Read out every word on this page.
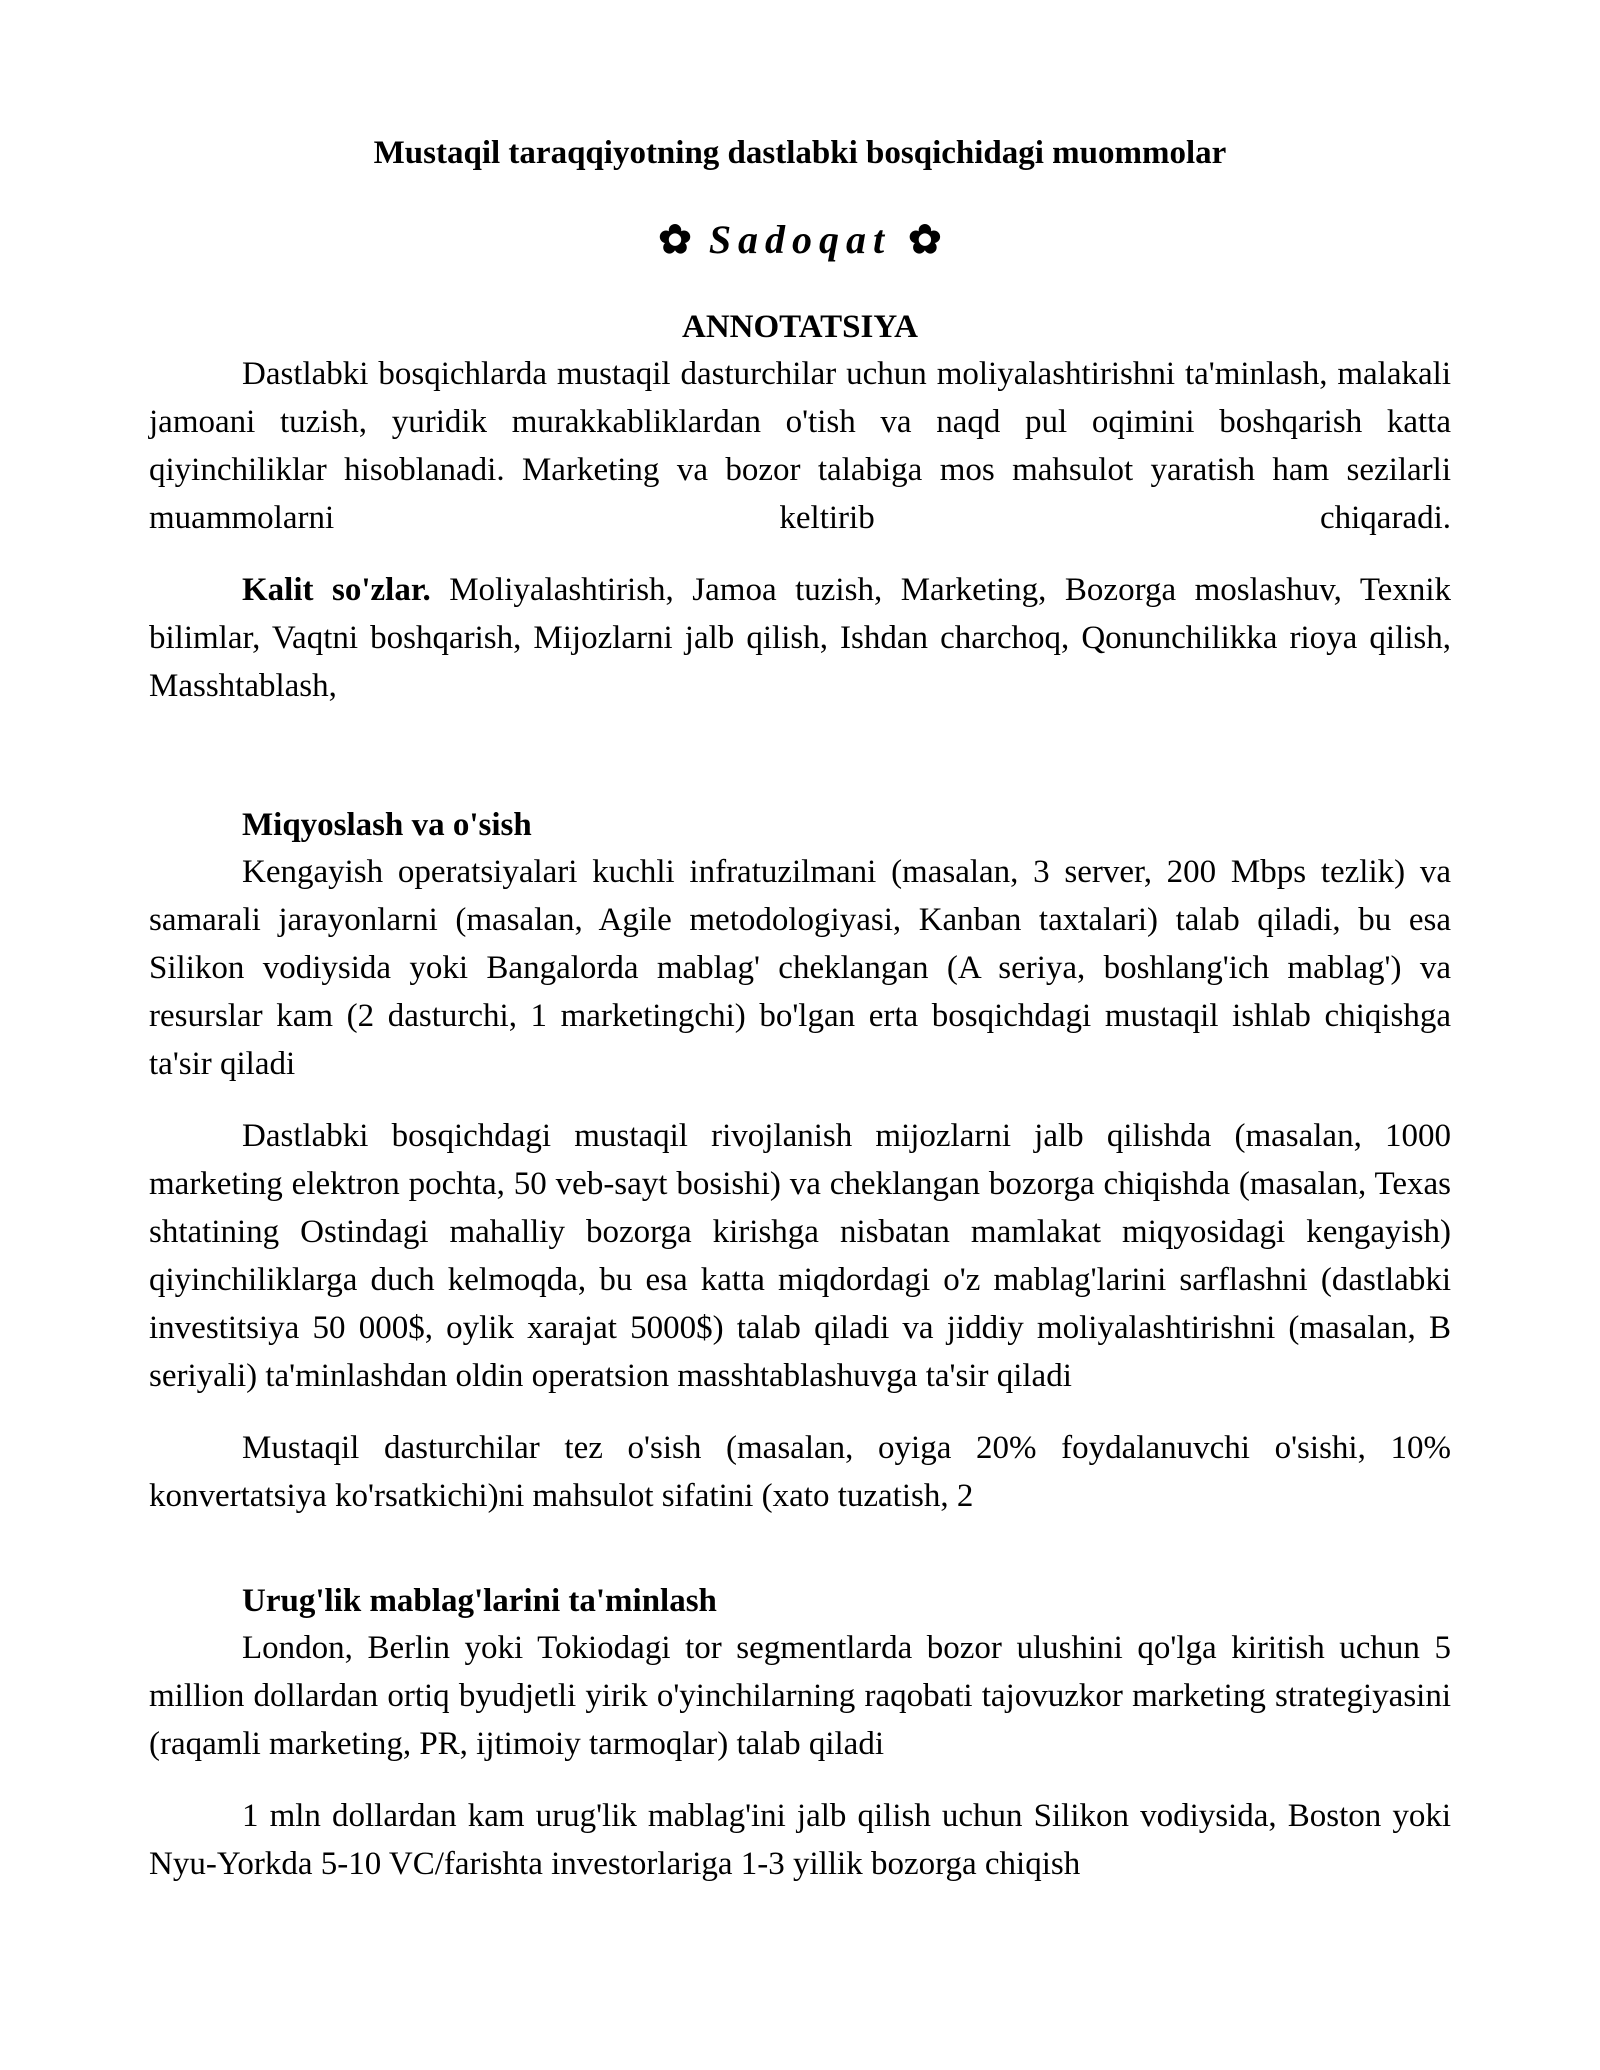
Mustaqil taraqqiyotning dastlabki bosqichidagi muommolar
✿ Sadoqat ✿
ANNOTATSIYA

Dastlabki bosqichlarda mustaqil dasturchilar uchun moliyalashtirishni ta'minlash, malakali jamoani tuzish, yuridik murakkabliklardan o'tish va naqd pul oqimini boshqarish katta qiyinchiliklar hisoblanadi. Marketing va bozor talabiga mos mahsulot yaratish ham sezilarli muammolarni keltirib chiqaradi.

Kalit so'zlar. Moliyalashtirish, Jamoa tuzish, Marketing, Bozorga moslashuv, Texnik bilimlar, Vaqtni boshqarish, Mijozlarni jalb qilish, Ishdan charchoq, Qonunchilikka rioya qilish, Masshtablash,

Miqyoslash va o'sish

Kengayish operatsiyalari kuchli infratuzilmani (masalan, 3 server, 200 Mbps tezlik) va samarali jarayonlarni (masalan, Agile metodologiyasi, Kanban taxtalari) talab qiladi, bu esa Silikon vodiysida yoki Bangalorda mablag' cheklangan (A seriya, boshlang'ich mablag') va resurslar kam (2 dasturchi, 1 marketingchi) bo'lgan erta bosqichdagi mustaqil ishlab chiqishga ta'sir qiladi

Dastlabki bosqichdagi mustaqil rivojlanish mijozlarni jalb qilishda (masalan, 1000 marketing elektron pochta, 50 veb-sayt bosishi) va cheklangan bozorga chiqishda (masalan, Texas shtatining Ostindagi mahalliy bozorga kirishga nisbatan mamlakat miqyosidagi kengayish) qiyinchiliklarga duch kelmoqda, bu esa katta miqdordagi o'z mablag'larini sarflashni (dastlabki investitsiya 50 000$, oylik xarajat 5000$) talab qiladi va jiddiy moliyalashtirishni (masalan, B seriyali) ta'minlashdan oldin operatsion masshtablashuvga ta'sir qiladi

Mustaqil dasturchilar tez o'sish (masalan, oyiga 20% foydalanuvchi o'sishi, 10% konvertatsiya ko'rsatkichi)ni mahsulot sifatini (xato tuzatish, 2

Urug'lik mablag'larini ta'minlash

London, Berlin yoki Tokiodagi tor segmentlarda bozor ulushini qo'lga kiritish uchun 5 million dollardan ortiq byudjetli yirik o'yinchilarning raqobati tajovuzkor marketing strategiyasini (raqamli marketing, PR, ijtimoiy tarmoqlar) talab qiladi

1 mln dollardan kam urug'lik mablag'ini jalb qilish uchun Silikon vodiysida, Boston yoki Nyu-Yorkda 5-10 VC/farishta investorlariga 1-3 yillik bozorga chiqish
